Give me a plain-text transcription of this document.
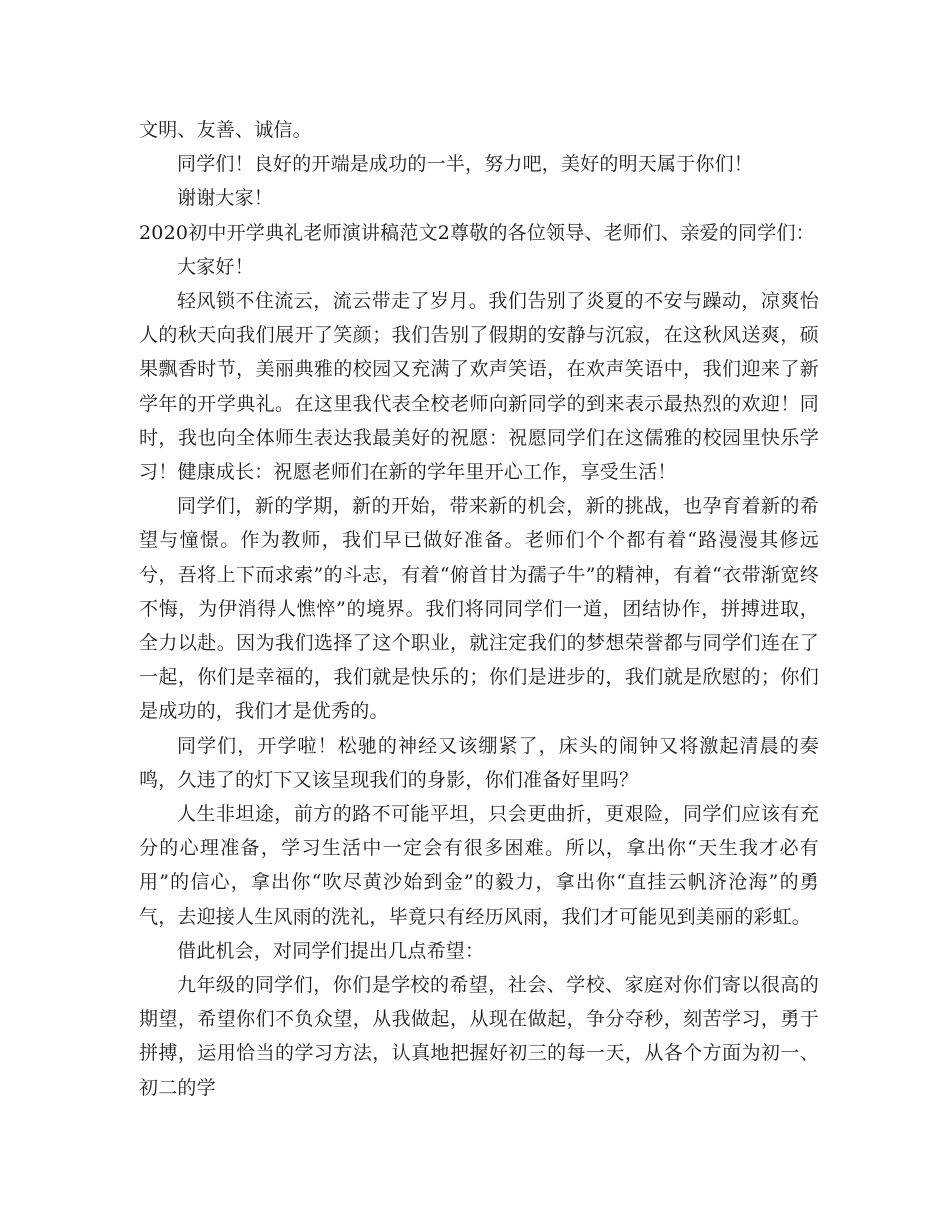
文明、友善、诚信。

同学们！良好的开端是成功的一半，努力吧，美好的明天属于你们！

谢谢大家！

2020初中开学典礼老师演讲稿范文2尊敬的各位领导、老师们、亲爱的同学们：

大家好！

轻风锁不住流云，流云带走了岁月。我们告别了炎夏的不安与躁动，凉爽怡人的秋天向我们展开了笑颜；我们告别了假期的安静与沉寂，在这秋风送爽，硕果飘香时节，美丽典雅的校园又充满了欢声笑语，在欢声笑语中，我们迎来了新学年的开学典礼。在这里我代表全校老师向新同学的到来表示最热烈的欢迎！同时，我也向全体师生表达我最美好的祝愿：祝愿同学们在这儒雅的校园里快乐学习！健康成长：祝愿老师们在新的学年里开心工作，享受生活！

同学们，新的学期，新的开始，带来新的机会，新的挑战，也孕育着新的希望与憧憬。作为教师，我们早已做好准备。老师们个个都有着“路漫漫其修远兮，吾将上下而求索”的斗志，有着“俯首甘为孺子牛”的精神，有着“衣带渐宽终不悔，为伊消得人憔悴”的境界。我们将同同学们一道，团结协作，拼搏进取，全力以赴。因为我们选择了这个职业，就注定我们的梦想荣誉都与同学们连在了一起，你们是幸福的，我们就是快乐的；你们是进步的，我们就是欣慰的；你们是成功的，我们才是优秀的。

同学们，开学啦！松驰的神经又该绷紧了，床头的闹钟又将激起清晨的奏鸣，久违了的灯下又该呈现我们的身影，你们准备好里吗？

人生非坦途，前方的路不可能平坦，只会更曲折，更艰险，同学们应该有充分的心理准备，学习生活中一定会有很多困难。所以，拿出你“天生我才必有用”的信心，拿出你“吹尽黄沙始到金”的毅力，拿出你“直挂云帆济沧海”的勇气，去迎接人生风雨的洗礼，毕竟只有经历风雨，我们才可能见到美丽的彩虹。

借此机会，对同学们提出几点希望：

九年级的同学们，你们是学校的希望，社会、学校、家庭对你们寄以很高的期望，希望你们不负众望，从我做起，从现在做起，争分夺秒，刻苦学习，勇于拼搏，运用恰当的学习方法，认真地把握好初三的每一天，从各个方面为初一、初二的学
